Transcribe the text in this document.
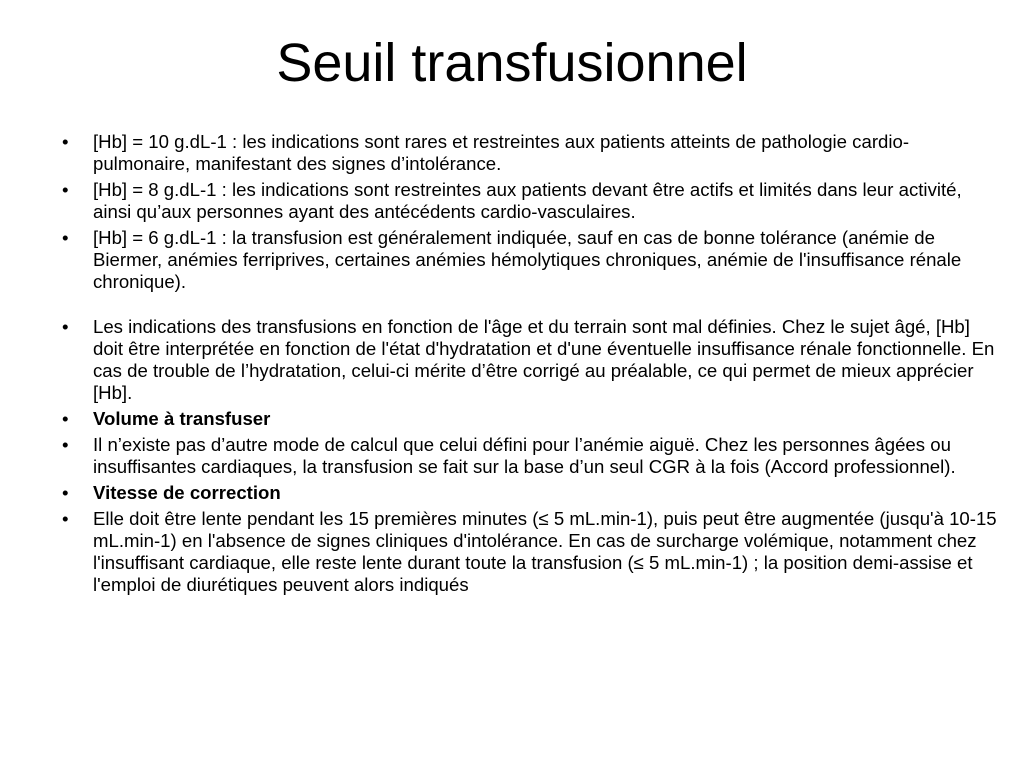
Seuil transfusionnel
• [Hb] = 10 g.dL-1 : les indications sont rares et restreintes aux patients atteints de pathologie cardio-pulmonaire, manifestant des signes d’intolérance.
• [Hb] = 8 g.dL-1 : les indications sont restreintes aux patients devant être actifs et limités dans leur activité, ainsi qu’aux personnes ayant des antécédents cardio-vasculaires.
• [Hb] = 6 g.dL-1 : la transfusion est généralement indiquée, sauf en cas de bonne tolérance (anémie de Biermer, anémies ferriprives, certaines anémies hémolytiques chroniques, anémie de l'insuffisance rénale chronique).
• Les indications des transfusions en fonction de l'âge et du terrain sont mal définies. Chez le sujet âgé, [Hb] doit être interprétée en fonction de l'état d'hydratation et d'une éventuelle insuffisance rénale fonctionnelle. En cas de trouble de l’hydratation, celui-ci mérite d’être corrigé au préalable, ce qui permet de mieux apprécier [Hb].
• Volume à transfuser
• Il n’existe pas d’autre mode de calcul que celui défini pour l’anémie aiguë. Chez les personnes âgées ou insuffisantes cardiaques, la transfusion se fait sur la base d’un seul CGR à la fois (Accord professionnel).
• Vitesse de correction
• Elle doit être lente pendant les 15 premières minutes (≤ 5 mL.min-1), puis peut être augmentée (jusqu'à 10-15 mL.min-1) en l'absence de signes cliniques d'intolérance. En cas de surcharge volémique, notamment chez l'insuffisant cardiaque, elle reste lente durant toute la transfusion (≤ 5 mL.min-1) ; la position demi-assise et l'emploi de diurétiques peuvent alors indiqués
